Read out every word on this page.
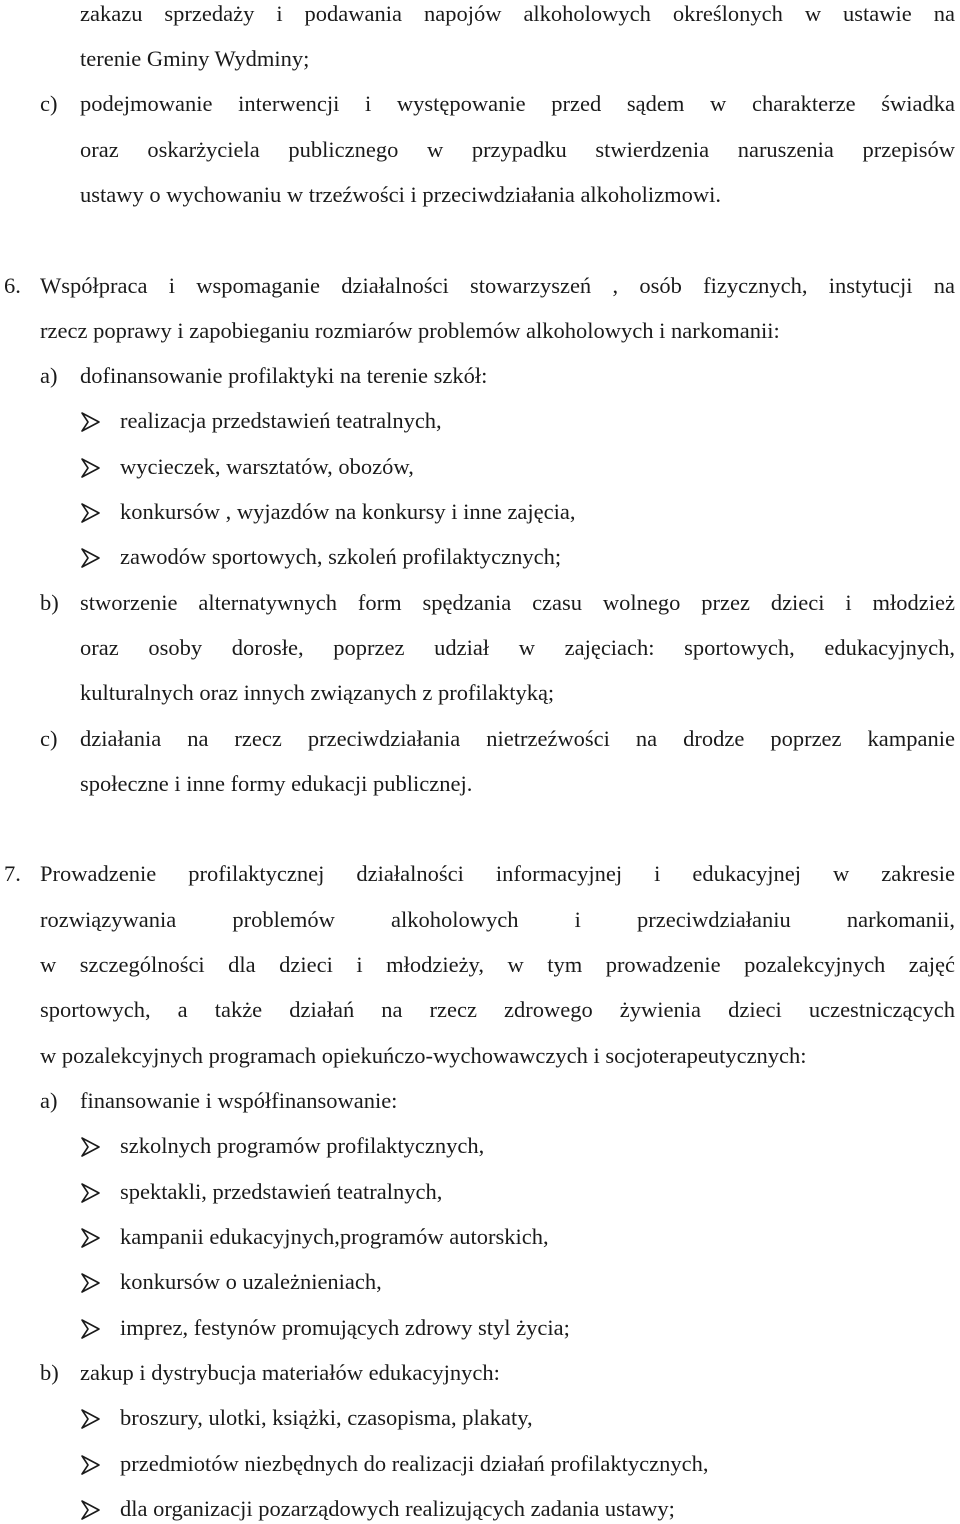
zakazu sprzedaży i podawania napojów alkoholowych określonych w ustawie na
terenie Gminy Wydminy;
c) podejmowanie interwencji i występowanie przed sądem w charakterze świadka
oraz oskarżyciela publicznego w przypadku stwierdzenia naruszenia przepisów
ustawy o wychowaniu w trzeźwości i przeciwdziałania alkoholizmowi.
6. Współpraca i wspomaganie działalności stowarzyszeń , osób fizycznych, instytucji na
rzecz poprawy i zapobieganiu rozmiarów problemów alkoholowych i narkomanii:
a) dofinansowanie profilaktyki na terenie szkół:
realizacja przedstawień teatralnych,
wycieczek, warsztatów, obozów,
konkursów , wyjazdów na konkursy i inne zajęcia,
zawodów sportowych, szkoleń profilaktycznych;
b) stworzenie alternatywnych form spędzania czasu wolnego przez dzieci i młodzież
oraz osoby dorosłe, poprzez udział w zajęciach: sportowych, edukacyjnych,
kulturalnych oraz innych związanych z profilaktyką;
c) działania na rzecz przeciwdziałania nietrzeźwości na drodze poprzez kampanie
społeczne i inne formy edukacji publicznej.
7. Prowadzenie profilaktycznej działalności informacyjnej i edukacyjnej w zakresie
rozwiązywania problemów alkoholowych i przeciwdziałaniu narkomanii,
w szczególności dla dzieci i młodzieży, w tym prowadzenie pozalekcyjnych zajęć
sportowych, a także działań na rzecz zdrowego żywienia dzieci uczestniczących
w pozalekcyjnych programach opiekuńczo-wychowawczych i socjoterapeutycznych:
a) finansowanie i współfinansowanie:
szkolnych programów profilaktycznych,
spektakli, przedstawień teatralnych,
kampanii edukacyjnych,programów autorskich,
konkursów o uzależnieniach,
imprez, festynów promujących zdrowy styl życia;
b) zakup i dystrybucja materiałów edukacyjnych:
broszury, ulotki, książki, czasopisma, plakaty,
przedmiotów niezbędnych do realizacji działań profilaktycznych,
dla organizacji pozarządowych realizujących zadania ustawy;
